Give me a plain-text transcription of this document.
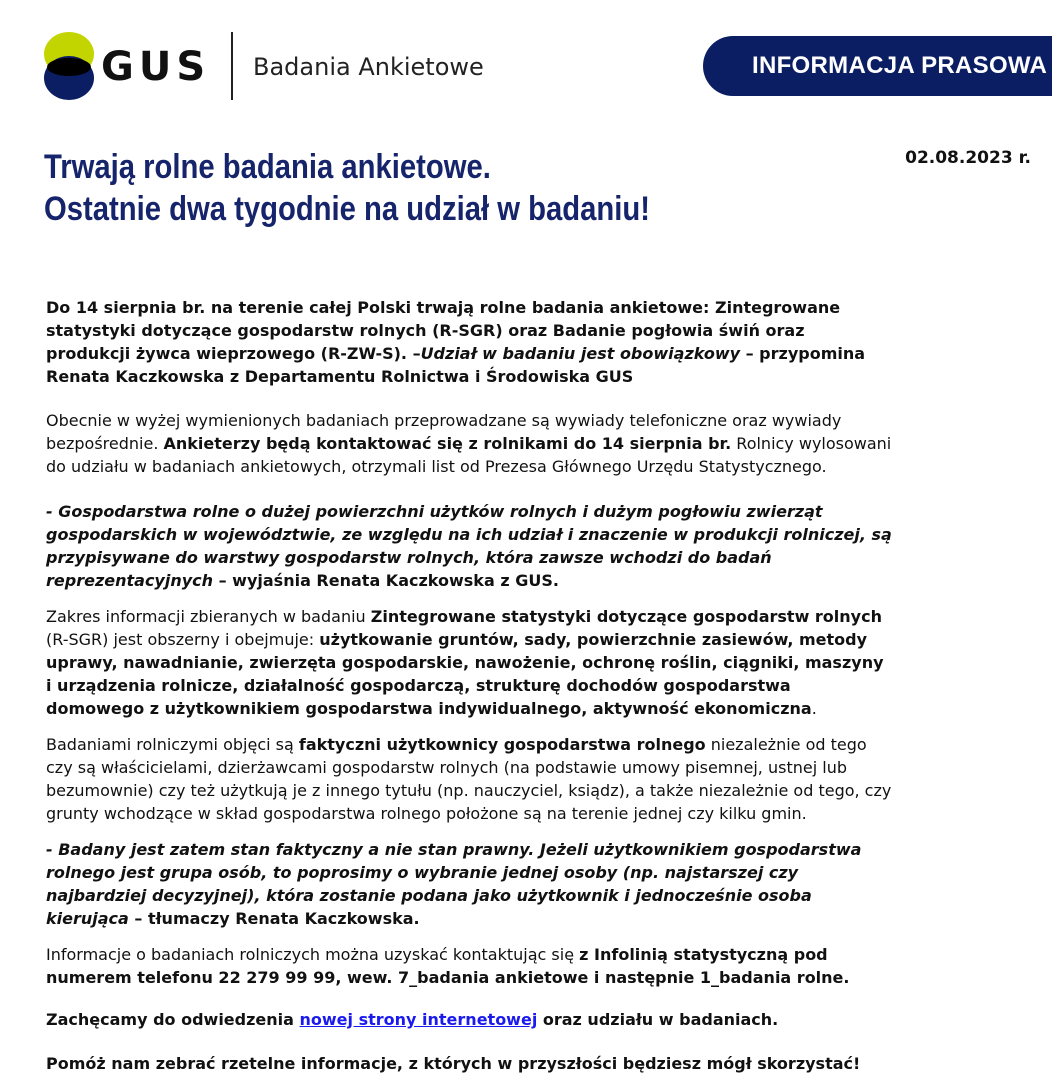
GUS Badania Ankietowe	INFORMACJA PRASOWA
02.08.2023 r.
Trwają rolne badania ankietowe.
Ostatnie dwa tygodnie na udział w badaniu!

Do 14 sierpnia br. na terenie całej Polski trwają rolne badania ankietowe: Zintegrowane statystyki dotyczące gospodarstw rolnych (R-SGR) oraz Badanie pogłowia świń oraz produkcji żywca wieprzowego (R-ZW-S). –Udział w badaniu jest obowiązkowy – przypomina Renata Kaczkowska z Departamentu Rolnictwa i Środowiska GUS

Obecnie w wyżej wymienionych badaniach przeprowadzane są wywiady telefoniczne oraz wywiady bezpośrednie. Ankieterzy będą kontaktować się z rolnikami do 14 sierpnia br. Rolnicy wylosowani do udziału w badaniach ankietowych, otrzymali list od Prezesa Głównego Urzędu Statystycznego.

- Gospodarstwa rolne o dużej powierzchni użytków rolnych i dużym pogłowiu zwierząt gospodarskich w województwie, ze względu na ich udział i znaczenie w produkcji rolniczej, są przypisywane do warstwy gospodarstw rolnych, która zawsze wchodzi do badań reprezentacyjnych – wyjaśnia Renata Kaczkowska z GUS.

Zakres informacji zbieranych w badaniu Zintegrowane statystyki dotyczące gospodarstw rolnych (R-SGR) jest obszerny i obejmuje: użytkowanie gruntów, sady, powierzchnie zasiewów, metody uprawy, nawadnianie, zwierzęta gospodarskie, nawożenie, ochronę roślin, ciągniki, maszyny i urządzenia rolnicze, działalność gospodarczą, strukturę dochodów gospodarstwa domowego z użytkownikiem gospodarstwa indywidualnego, aktywność ekonomiczna.

Badaniami rolniczymi objęci są faktyczni użytkownicy gospodarstwa rolnego niezależnie od tego czy są właścicielami, dzierżawcami gospodarstw rolnych (na podstawie umowy pisemnej, ustnej lub bezumownie) czy też użytkują je z innego tytułu (np. nauczyciel, ksiądz), a także niezależnie od tego, czy grunty wchodzące w skład gospodarstwa rolnego położone są na terenie jednej czy kilku gmin.

- Badany jest zatem stan faktyczny a nie stan prawny. Jeżeli użytkownikiem gospodarstwa rolnego jest grupa osób, to poprosimy o wybranie jednej osoby (np. najstarszej czy najbardziej decyzyjnej), która zostanie podana jako użytkownik i jednocześnie osoba kierująca – tłumaczy Renata Kaczkowska.

Informacje o badaniach rolniczych można uzyskać kontaktując się z Infolinią statystyczną pod numerem telefonu 22 279 99 99, wew. 7_badania ankietowe i następnie 1_badania rolne.

Zachęcamy do odwiedzenia nowej strony internetowej oraz udziału w badaniach.

Pomóż nam zebrać rzetelne informacje, z których w przyszłości będziesz mógł skorzystać!
